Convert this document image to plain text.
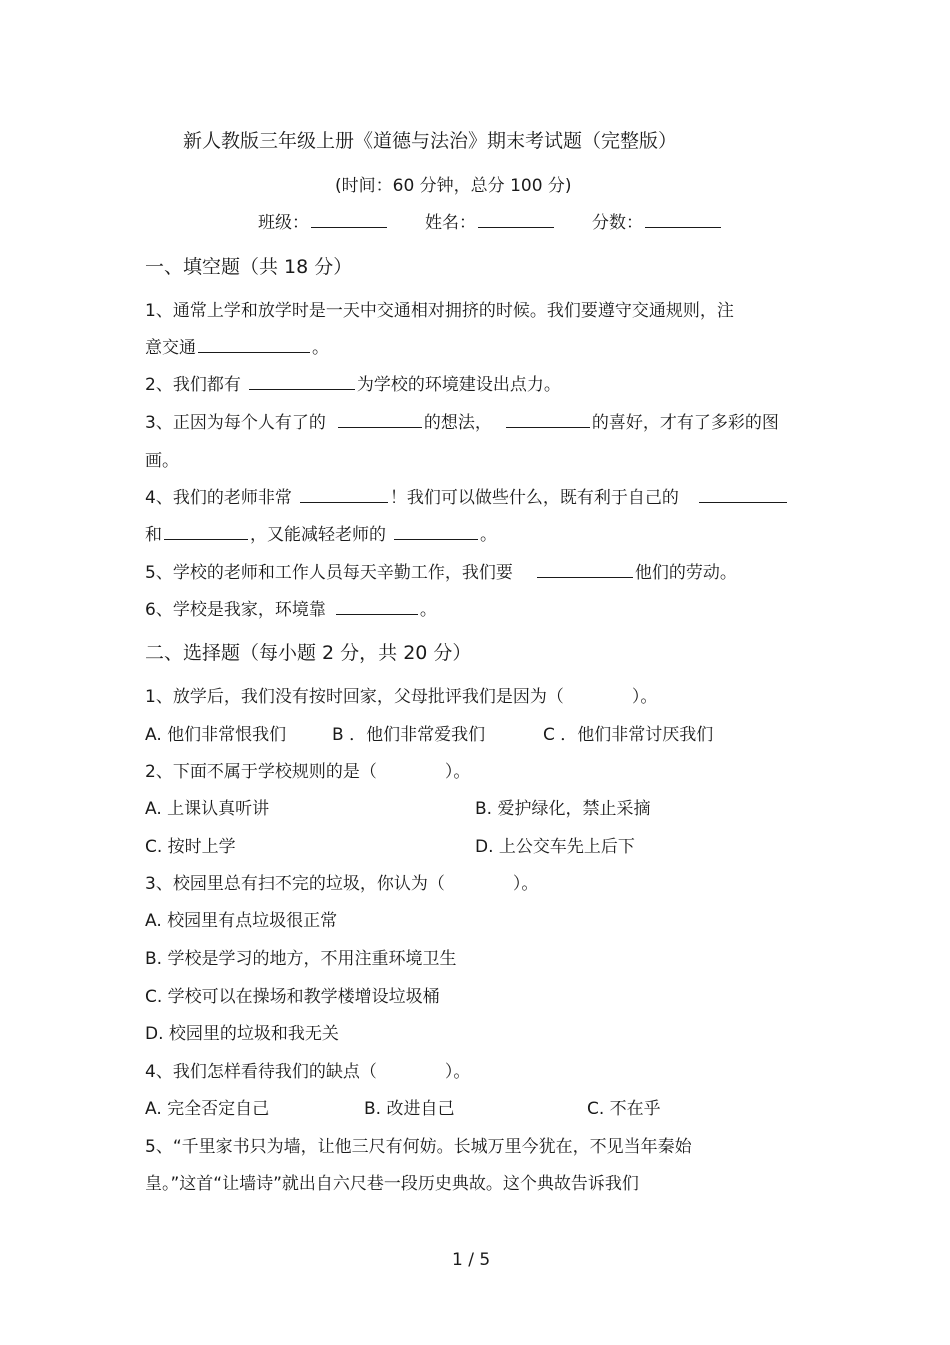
新人教版三年级上册《道德与法治》期末考试题（完整版）
(时间：60 分钟，总分 100 分)
班级：	姓名：	分数：
一、填空题（共 18 分）
1、通常上学和放学时是一天中交通相对拥挤的时候。我们要遵守交通规则，注
意交通	。
2、我们都有	为学校的环境建设出点力。
3、正因为每个人有了的	的想法，	的喜好，才有了多彩的图
画。
4、我们的老师非常	！我们可以做些什么，既有利于自己的
和	，又能减轻老师的	。
5、学校的老师和工作人员每天辛勤工作，我们要	他们的劳动。
6、学校是我家，环境靠	。
二、选择题（每小题 2 分，共 20 分）
1、放学后，我们没有按时回家，父母批评我们是因为（　　　　）。
A. 他们非常恨我们	B ．他们非常爱我们	C ．他们非常讨厌我们
2、下面不属于学校规则的是（　　　　）。
A. 上课认真听讲	B. 爱护绿化，禁止采摘
C. 按时上学	D. 上公交车先上后下
3、校园里总有扫不完的垃圾，你认为（　　　　）。
A. 校园里有点垃圾很正常
B. 学校是学习的地方，不用注重环境卫生
C. 学校可以在操场和教学楼增设垃圾桶
D. 校园里的垃圾和我无关
4、我们怎样看待我们的缺点（　　　　）。
A. 完全否定自己	B. 改进自己	C. 不在乎
5、“千里家书只为墙，让他三尺有何妨。长城万里今犹在，不见当年秦始
皇。”这首“让墙诗”就出自六尺巷一段历史典故。这个典故告诉我们
1 / 5
